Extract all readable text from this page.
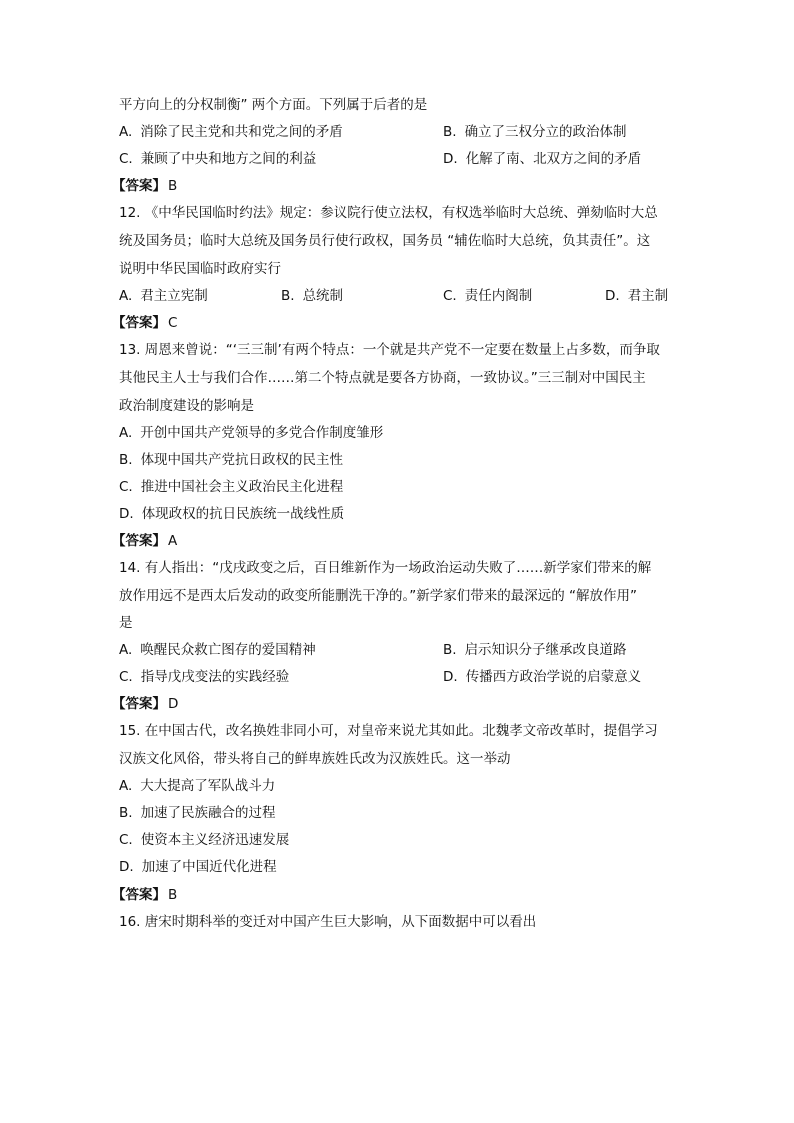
平方向上的分权制衡” 两个方面。下列属于后者的是
A. 消除了民主党和共和党之间的矛盾	B. 确立了三权分立的政治体制
C. 兼顾了中央和地方之间的利益	D. 化解了南、北双方之间的矛盾
【答案】 B
12. 《中华民国临时约法》规定：参议院行使立法权，有权选举临时大总统、弹劾临时大总
统及国务员；临时大总统及国务员行使行政权，国务员 “辅佐临时大总统，负其责任”。这
说明中华民国临时政府实行
A. 君主立宪制	B. 总统制	C. 责任内阁制	D. 君主制
【答案】 C
13. 周恩来曾说：“‘三三制’有两个特点：一个就是共产党不一定要在数量上占多数，而争取
其他民主人士与我们合作……第二个特点就是要各方协商，一致协议。”三三制对中国民主
政治制度建设的影响是
A. 开创中国共产党领导的多党合作制度雏形
B. 体现中国共产党抗日政权的民主性
C. 推进中国社会主义政治民主化进程
D. 体现政权的抗日民族统一战线性质
【答案】 A
14. 有人指出：“戊戌政变之后，百日维新作为一场政治运动失败了……新学家们带来的解
放作用远不是西太后发动的政变所能删洗干净的。”新学家们带来的最深远的 “解放作用”
是
A. 唤醒民众救亡图存的爱国精神	B. 启示知识分子继承改良道路
C. 指导戊戌变法的实践经验	D. 传播西方政治学说的启蒙意义
【答案】 D
15. 在中国古代，改名换姓非同小可，对皇帝来说尤其如此。北魏孝文帝改革时，提倡学习
汉族文化风俗，带头将自己的鲜卑族姓氏改为汉族姓氏。这一举动
A. 大大提高了军队战斗力
B. 加速了民族融合的过程
C. 使资本主义经济迅速发展
D. 加速了中国近代化进程
【答案】 B
16. 唐宋时期科举的变迁对中国产生巨大影响，从下面数据中可以看出
